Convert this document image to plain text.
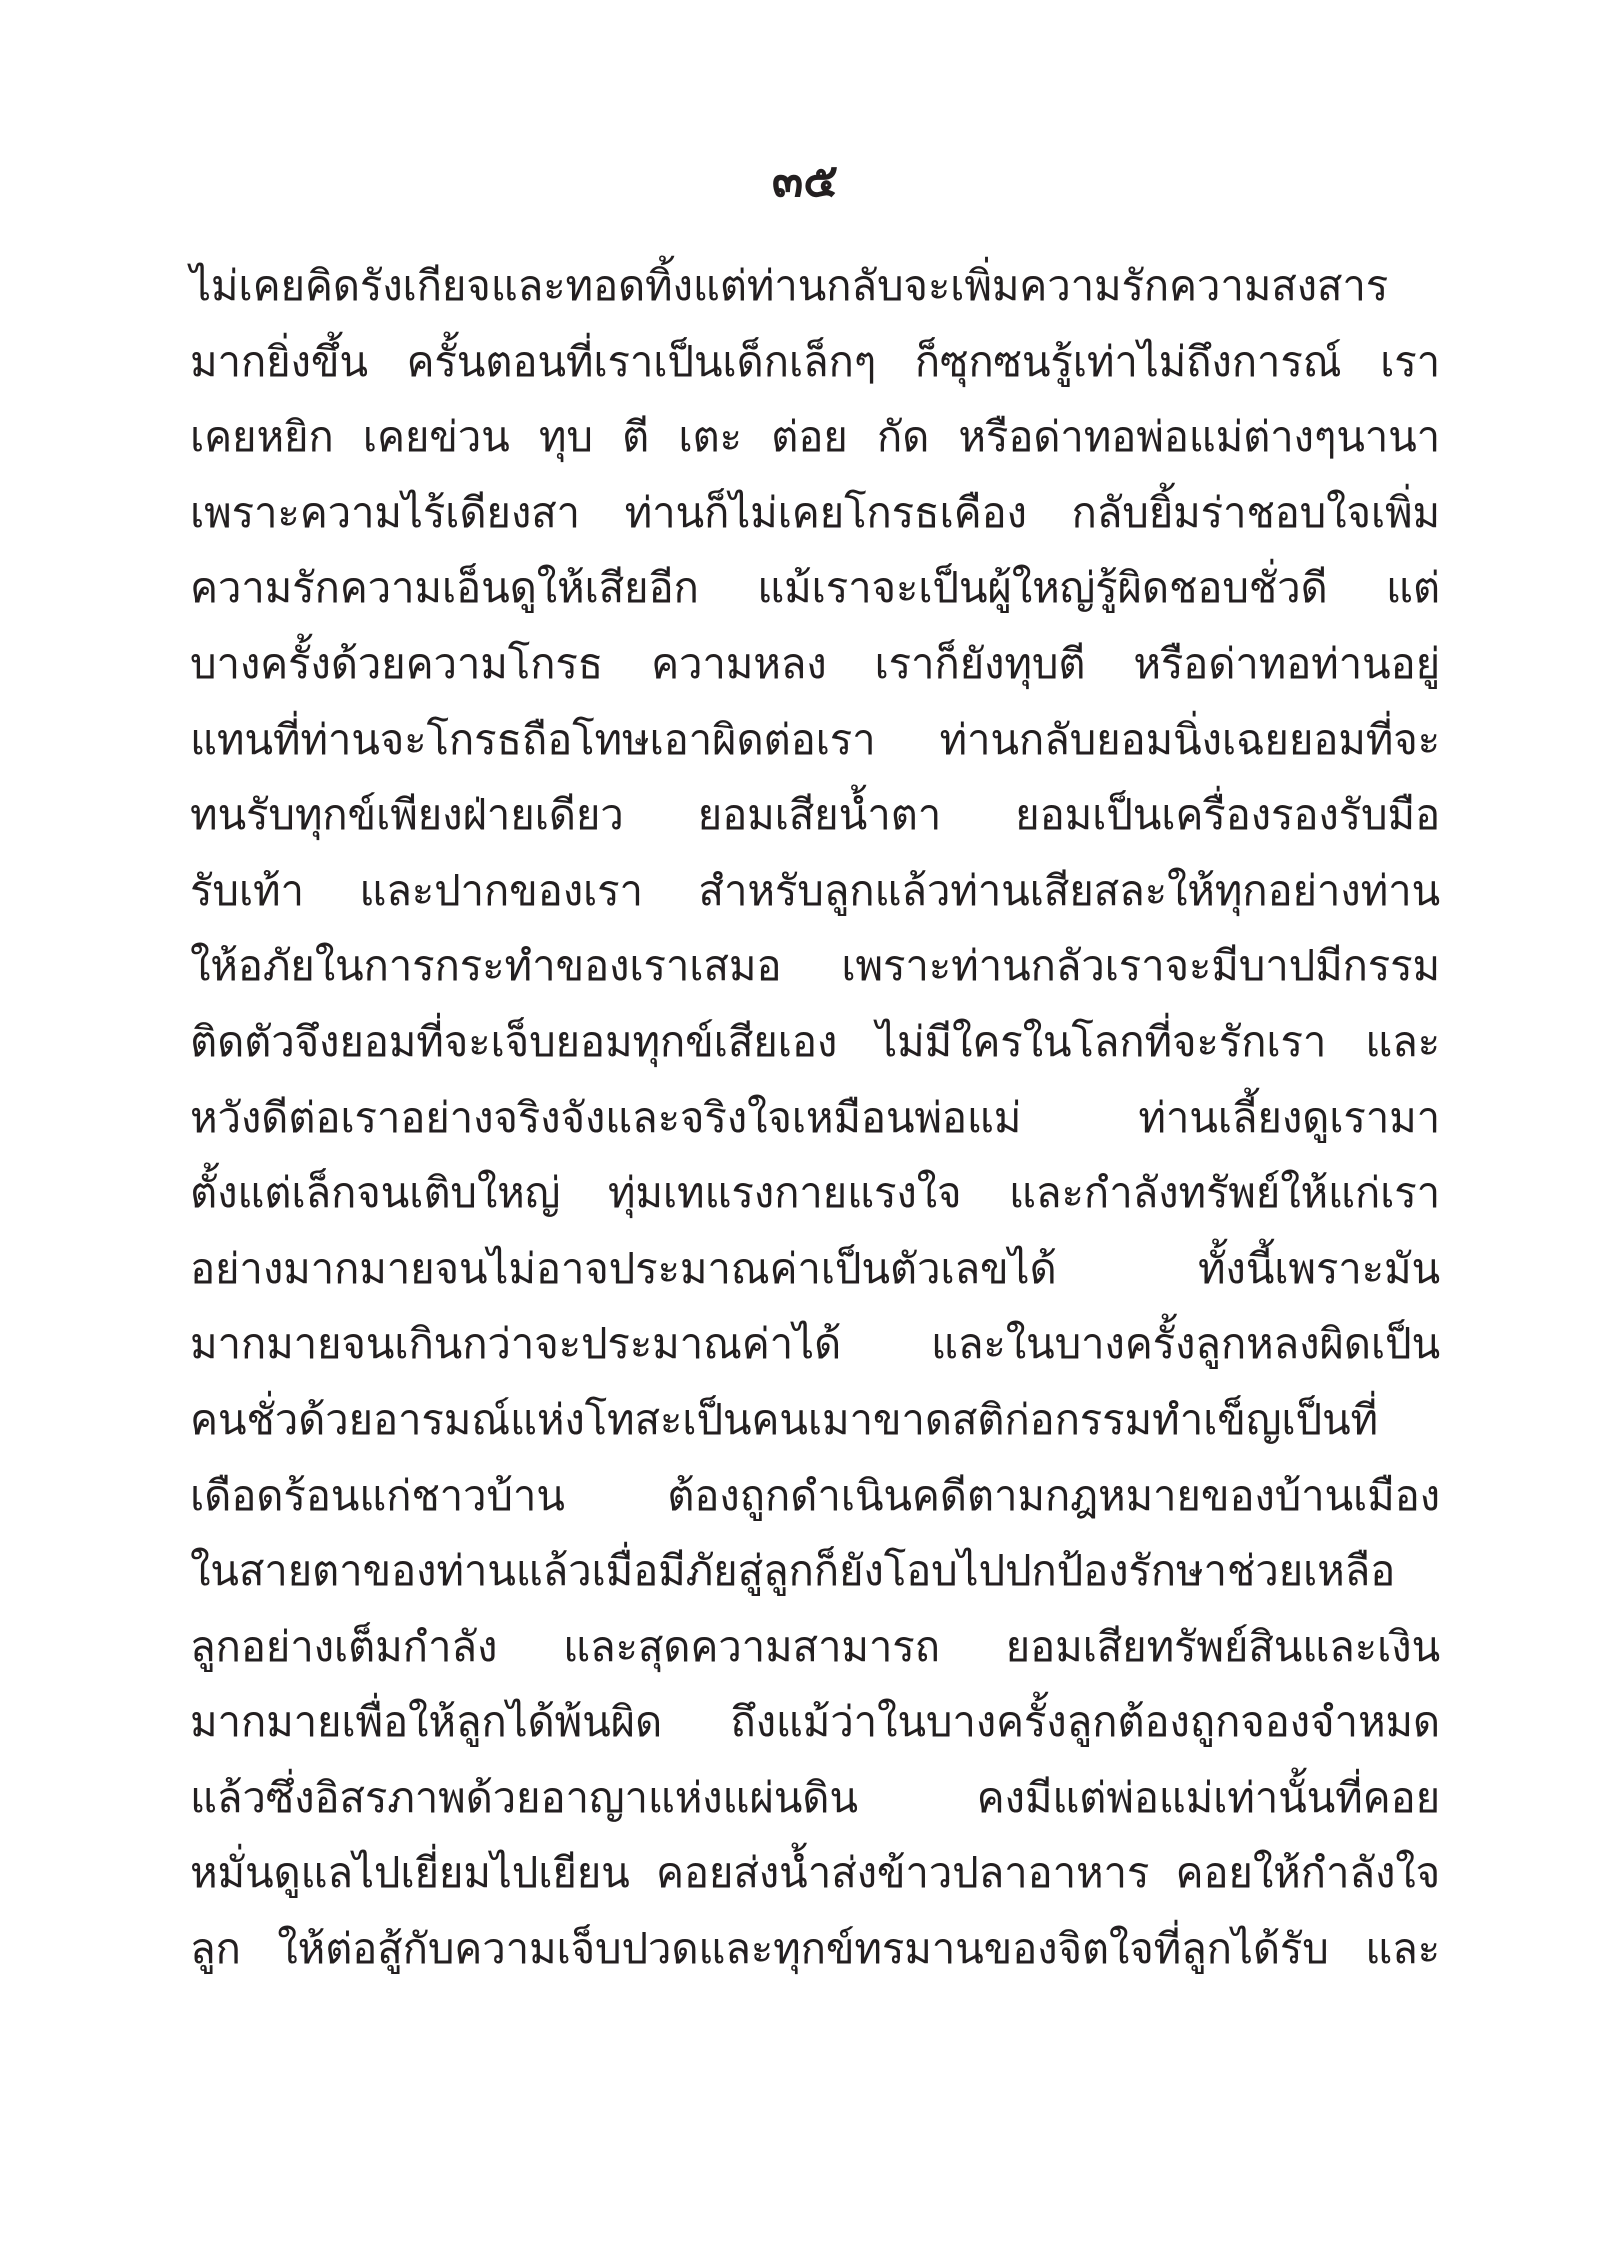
๓๕
ไม่เคยคิดรังเกียจและทอดทิ้งแต่ท่านกลับจะเพิ่มความรักความสงสาร
มากยิ่งขึ้น ครั้นตอนที่เราเป็นเด็กเล็กๆ ก็ซุกซนรู้เท่าไม่ถึงการณ์ เรา
เคยหยิก เคยข่วน ทุบ ตี เตะ ต่อย กัด หรือด่าทอพ่อแม่ต่างๆนานา
เพราะความไร้เดียงสา ท่านก็ไม่เคยโกรธเคือง กลับยิ้มร่าชอบใจเพิ่ม
ความรักความเอ็นดูให้เสียอีก แม้เราจะเป็นผู้ใหญ่รู้ผิดชอบชั่วดี แต่
บางครั้งด้วยความโกรธ ความหลง เราก็ยังทุบตี หรือด่าทอท่านอยู่
แทนที่ท่านจะโกรธถือโทษเอาผิดต่อเรา ท่านกลับยอมนิ่งเฉยยอมที่จะ
ทนรับทุกข์เพียงฝ่ายเดียว ยอมเสียน้ำตา ยอมเป็นเครื่องรองรับมือ
รับเท้า และปากของเรา สำหรับลูกแล้วท่านเสียสละให้ทุกอย่างท่าน
ให้อภัยในการกระทำของเราเสมอ เพราะท่านกลัวเราจะมีบาปมีกรรม
ติดตัวจึงยอมที่จะเจ็บยอมทุกข์เสียเอง ไม่มีใครในโลกที่จะรักเรา และ
หวังดีต่อเราอย่างจริงจังและจริงใจเหมือนพ่อแม่ ท่านเลี้ยงดูเรามา
ตั้งแต่เล็กจนเติบใหญ่ ทุ่มเทแรงกายแรงใจ และกำลังทรัพย์ให้แก่เรา
อย่างมากมายจนไม่อาจประมาณค่าเป็นตัวเลขได้ ทั้งนี้เพราะมัน
มากมายจนเกินกว่าจะประมาณค่าได้ และในบางครั้งลูกหลงผิดเป็น
คนชั่วด้วยอารมณ์แห่งโทสะเป็นคนเมาขาดสติก่อกรรมทำเข็ญเป็นที่
เดือดร้อนแก่ชาวบ้าน ต้องถูกดำเนินคดีตามกฎหมายของบ้านเมือง
ในสายตาของท่านแล้วเมื่อมีภัยสู่ลูกก็ยังโอบไปปกป้องรักษาช่วยเหลือ
ลูกอย่างเต็มกำลัง และสุดความสามารถ ยอมเสียทรัพย์สินและเงิน
มากมายเพื่อให้ลูกได้พ้นผิด ถึงแม้ว่าในบางครั้งลูกต้องถูกจองจำหมด
แล้วซึ่งอิสรภาพด้วยอาญาแห่งแผ่นดิน คงมีแต่พ่อแม่เท่านั้นที่คอย
หมั่นดูแลไปเยี่ยมไปเยียน คอยส่งน้ำส่งข้าวปลาอาหาร คอยให้กำลังใจ
ลูก ให้ต่อสู้กับความเจ็บปวดและทุกข์ทรมานของจิตใจที่ลูกได้รับ และ
